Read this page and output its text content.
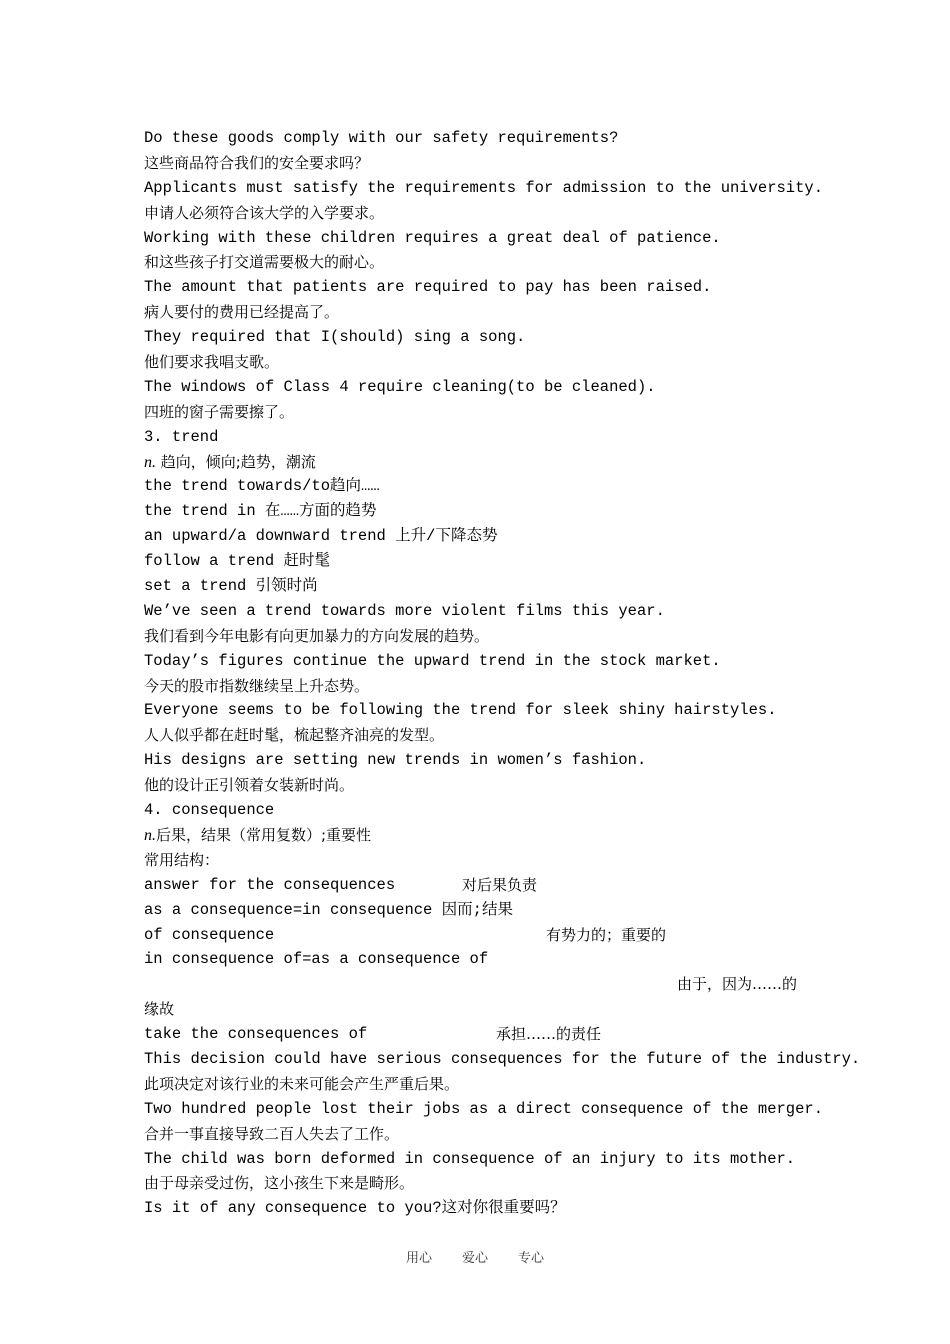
Do these goods comply with our safety requirements?
这些商品符合我们的安全要求吗？
Applicants must satisfy the requirements for admission to the university.
申请人必须符合该大学的入学要求。
Working with these children requires a great deal of patience.
和这些孩子打交道需要极大的耐心。
The amount that patients are required to pay has been raised.
病人要付的费用已经提高了。
They required that I(should) sing a song.
他们要求我唱支歌。
The windows of Class 4 require cleaning(to be cleaned).
四班的窗子需要擦了。
3. trend
n. 趋向，倾向;趋势，潮流
the trend towards/to趋向……
the trend in 在……方面的趋势
an upward/a downward trend 上升/下降态势
follow a trend 赶时髦
set a trend 引领时尚
We’ve seen a trend towards more violent films this year.
我们看到今年电影有向更加暴力的方向发展的趋势。
Today’s figures continue the upward trend in the stock market.
今天的股市指数继续呈上升态势。
Everyone seems to be following the trend for sleek shiny hairstyles.
人人似乎都在赶时髦，梳起整齐油亮的发型。
His designs are setting new trends in women’s fashion.
他的设计正引领着女装新时尚。
4. consequence
n.后果，结果（常用复数）;重要性
常用结构：
answer for the consequences	对后果负责
as a consequence=in consequence 因而;结果
of consequence	有势力的；重要的
in consequence of=as a consequence of
由于，因为……的
缘故
take the consequences of	承担……的责任
This decision could have serious consequences for the future of the industry.
此项决定对该行业的未来可能会产生严重后果。
Two hundred people lost their jobs as a direct consequence of the merger.
合并一事直接导致二百人失去了工作。
The child was born deformed in consequence of an injury to its mother.
由于母亲受过伤，这小孩生下来是畸形。
Is it of any consequence to you?这对你很重要吗？
用心 爱心 专心
